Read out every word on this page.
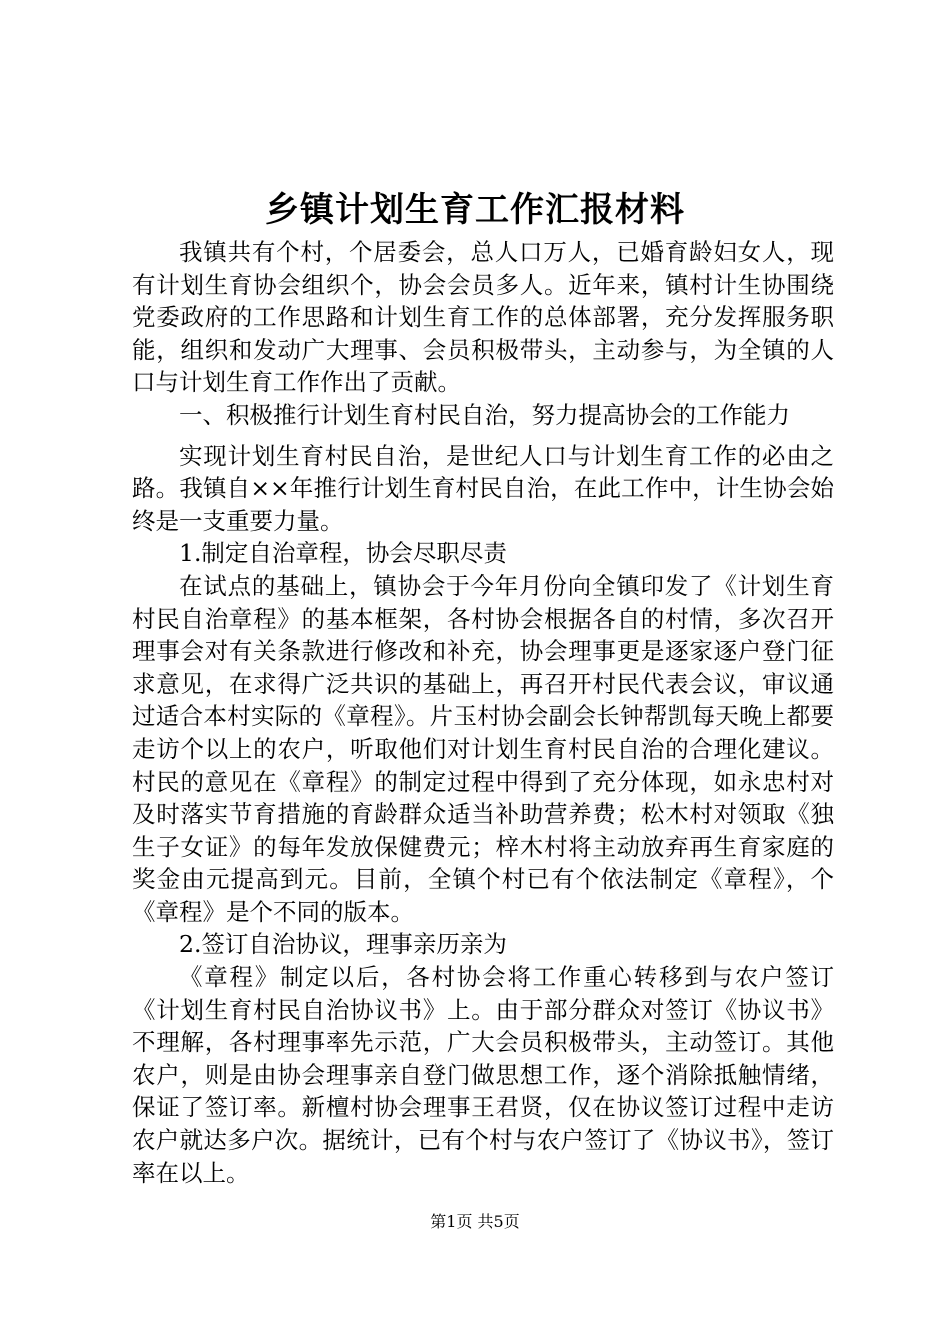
乡镇计划生育工作汇报材料

我镇共有个村，个居委会，总人口万人，已婚育龄妇女人，现有计划生育协会组织个，协会会员多人。近年来，镇村计生协围绕党委政府的工作思路和计划生育工作的总体部署，充分发挥服务职能，组织和发动广大理事、会员积极带头，主动参与，为全镇的人口与计划生育工作作出了贡献。

一、积极推行计划生育村民自治，努力提高协会的工作能力

实现计划生育村民自治，是世纪人口与计划生育工作的必由之路。我镇自××年推行计划生育村民自治，在此工作中，计生协会始终是一支重要力量。

1.制定自治章程，协会尽职尽责

在试点的基础上，镇协会于今年月份向全镇印发了《计划生育村民自治章程》的基本框架，各村协会根据各自的村情，多次召开理事会对有关条款进行修改和补充，协会理事更是逐家逐户登门征求意见，在求得广泛共识的基础上，再召开村民代表会议，审议通过适合本村实际的《章程》。片玉村协会副会长钟帮凯每天晚上都要走访个以上的农户，听取他们对计划生育村民自治的合理化建议。村民的意见在《章程》的制定过程中得到了充分体现，如永忠村对及时落实节育措施的育龄群众适当补助营养费；松木村对领取《独生子女证》的每年发放保健费元；梓木村将主动放弃再生育家庭的奖金由元提高到元。目前，全镇个村已有个依法制定《章程》，个《章程》是个不同的版本。

2.签订自治协议，理事亲历亲为

《章程》制定以后，各村协会将工作重心转移到与农户签订《计划生育村民自治协议书》上。由于部分群众对签订《协议书》不理解，各村理事率先示范，广大会员积极带头，主动签订。其他农户，则是由协会理事亲自登门做思想工作，逐个消除抵触情绪，保证了签订率。新檀村协会理事王君贤，仅在协议签订过程中走访农户就达多户次。据统计，已有个村与农户签订了《协议书》，签订率在以上。

第1页 共5页
